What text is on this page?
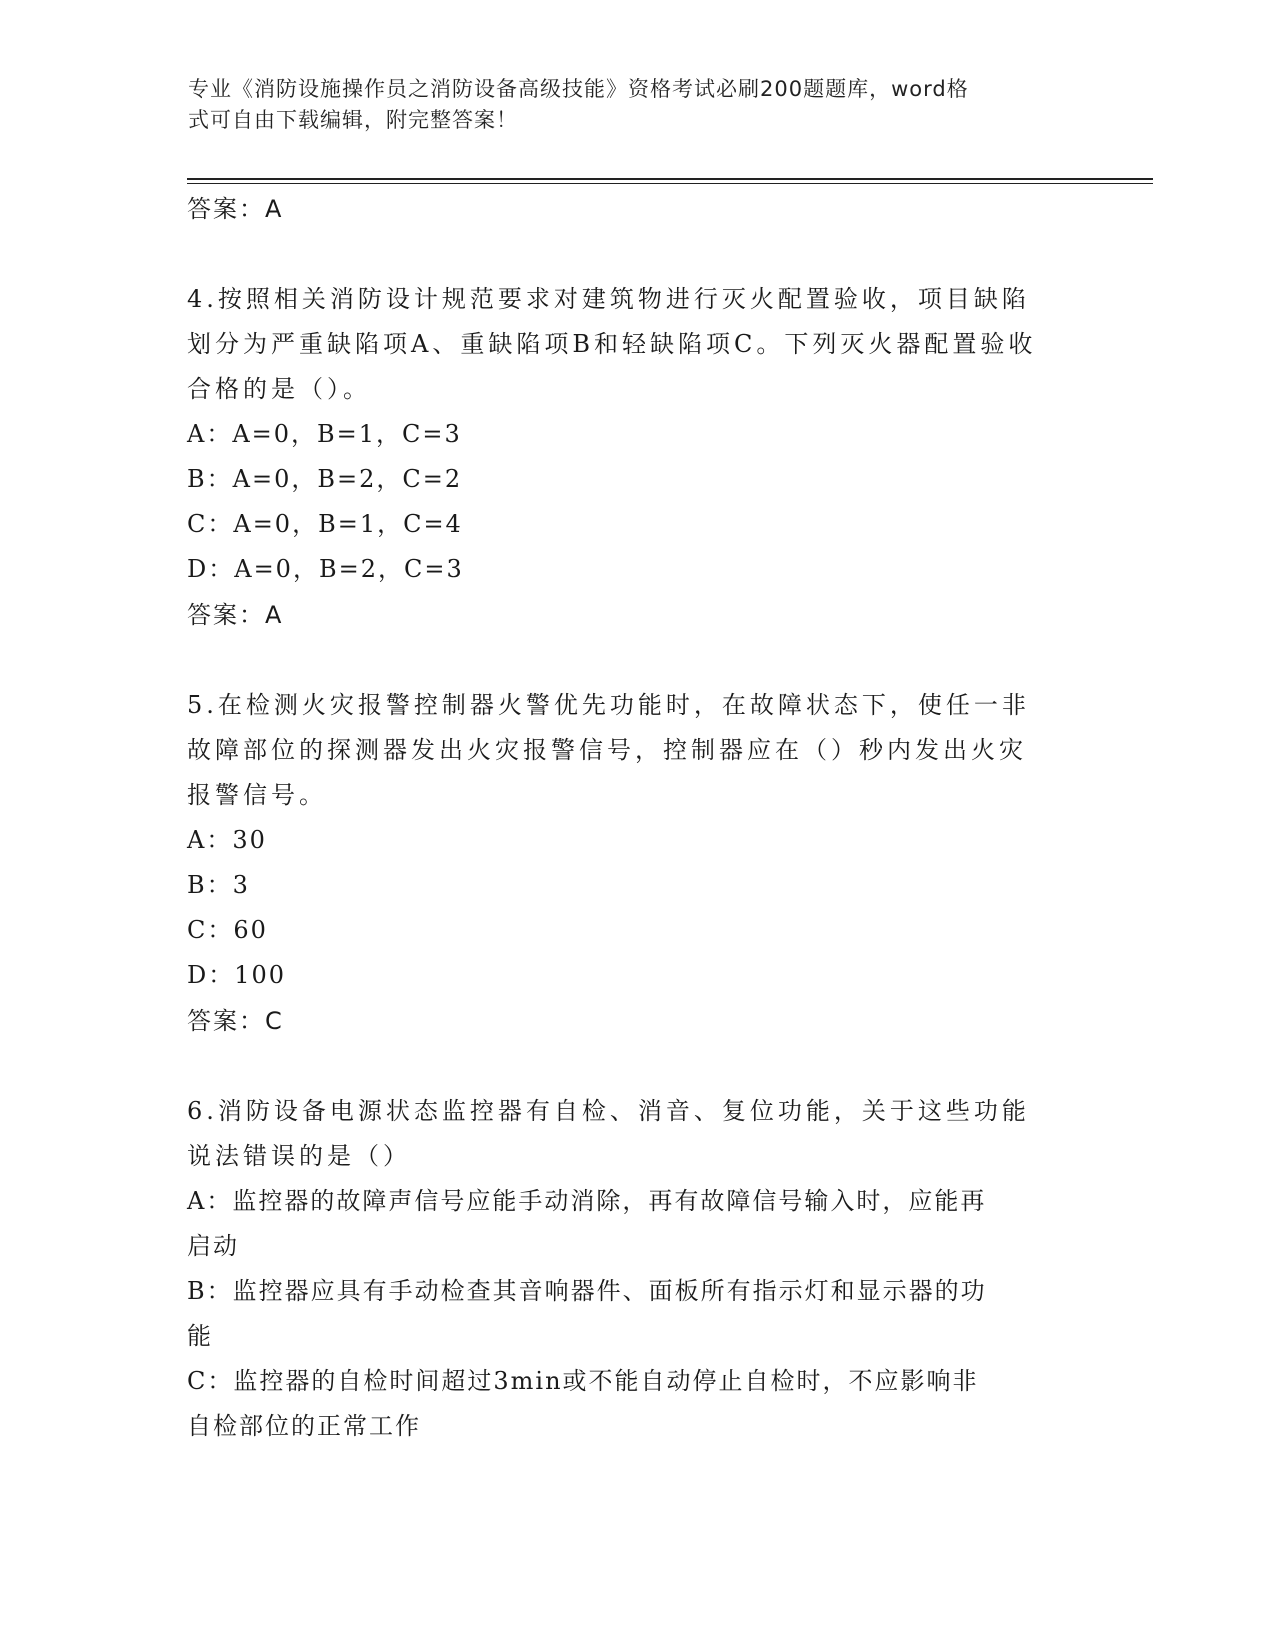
专业《消防设施操作员之消防设备高级技能》资格考试必刷200题题库，word格
式可自由下载编辑，附完整答案！
答案：A
4.按照相关消防设计规范要求对建筑物进行灭火配置验收，项目缺陷
划分为严重缺陷项A、重缺陷项B和轻缺陷项C。下列灭火器配置验收
合格的是（）。
A：A=0，B=1，C=3
B：A=0，B=2，C=2
C：A=0，B=1，C=4
D：A=0，B=2，C=3
答案：A
5.在检测火灾报警控制器火警优先功能时，在故障状态下，使任一非
故障部位的探测器发出火灾报警信号，控制器应在（）秒内发出火灾
报警信号。
A：30
B：3
C：60
D：100
答案：C
6.消防设备电源状态监控器有自检、消音、复位功能，关于这些功能
说法错误的是（）
A：监控器的故障声信号应能手动消除，再有故障信号输入时，应能再
启动
B：监控器应具有手动检查其音响器件、面板所有指示灯和显示器的功
能
C：监控器的自检时间超过3min或不能自动停止自检时，不应影响非
自检部位的正常工作
